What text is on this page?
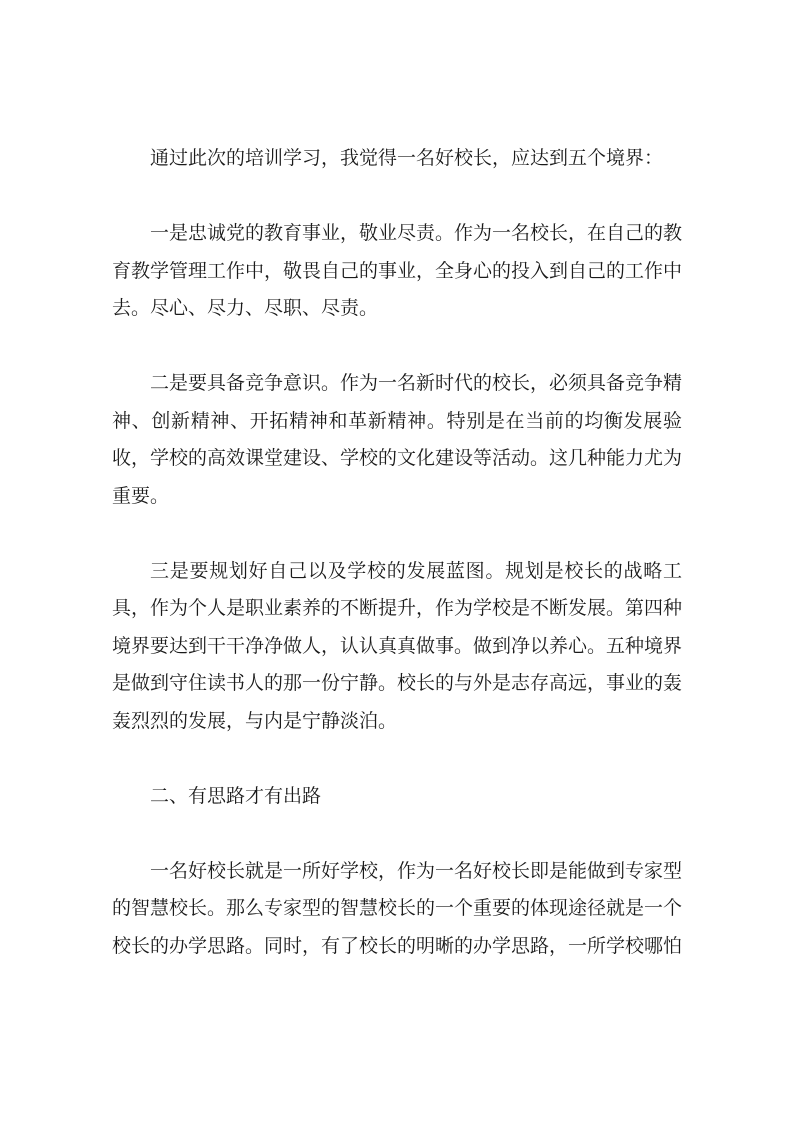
通过此次的培训学习，我觉得一名好校长，应达到五个境界：

一是忠诚党的教育事业，敬业尽责。作为一名校长，在自己的教育教学管理工作中，敬畏自己的事业，全身心的投入到自己的工作中去。尽心、尽力、尽职、尽责。

二是要具备竞争意识。作为一名新时代的校长，必须具备竞争精神、创新精神、开拓精神和革新精神。特别是在当前的均衡发展验收，学校的高效课堂建设、学校的文化建设等活动。这几种能力尤为重要。

三是要规划好自己以及学校的发展蓝图。规划是校长的战略工具，作为个人是职业素养的不断提升，作为学校是不断发展。第四种境界要达到干干净净做人，认认真真做事。做到净以养心。五种境界是做到守住读书人的那一份宁静。校长的与外是志存高远，事业的轰轰烈烈的发展，与内是宁静淡泊。

二、有思路才有出路

一名好校长就是一所好学校，作为一名好校长即是能做到专家型的智慧校长。那么专家型的智慧校长的一个重要的体现途径就是一个校长的办学思路。同时，有了校长的明晰的办学思路，一所学校哪怕
